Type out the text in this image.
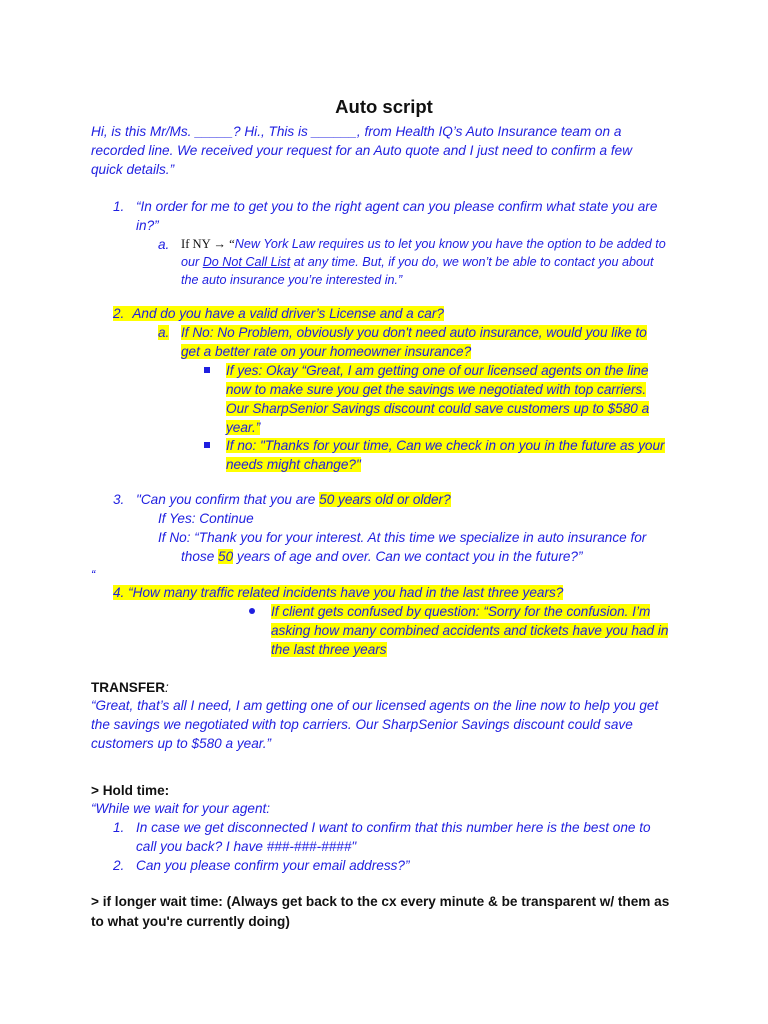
Auto script
Hi, is this Mr/Ms. _____? Hi., This is ______, from Health IQ’s Auto Insurance team on a
recorded line. We received your request for an Auto quote and I just need to confirm a few
quick details.”
1. “In order for me to get you to the right agent can you please confirm what state you are
in?”
a. If NY → “New York Law requires us to let you know you have the option to be added to
our Do Not Call List at any time. But, if you do, we won’t be able to contact you about
the auto insurance you’re interested in.”
2. And do you have a valid driver’s License and a car?
a. If No: No Problem, obviously you don't need auto insurance, would you like to
get a better rate on your homeowner insurance?
If yes: Okay “Great, I am getting one of our licensed agents on the line
now to make sure you get the savings we negotiated with top carriers.
Our SharpSenior Savings discount could save customers up to $580 a
year.”
If no: "Thanks for your time, Can we check in on you in the future as your
needs might change?"
3. "Can you confirm that you are 50 years old or older?
If Yes: Continue
If No: “Thank you for your interest. At this time we specialize in auto insurance for
those 50 years of age and over. Can we contact you in the future?”
“
4. “How many traffic related incidents have you had in the last three years?
If client gets confused by question: “Sorry for the confusion. I’m
asking how many combined accidents and tickets have you had in
the last three years
TRANSFER:
“Great, that’s all I need, I am getting one of our licensed agents on the line now to help you get
the savings we negotiated with top carriers. Our SharpSenior Savings discount could save
customers up to $580 a year.”
> Hold time:
“While we wait for your agent:
1. In case we get disconnected I want to confirm that this number here is the best one to
call you back? I have ###-###-####"
2. Can you please confirm your email address?”
> if longer wait time: (Always get back to the cx every minute & be transparent w/ them as
to what you're currently doing)
